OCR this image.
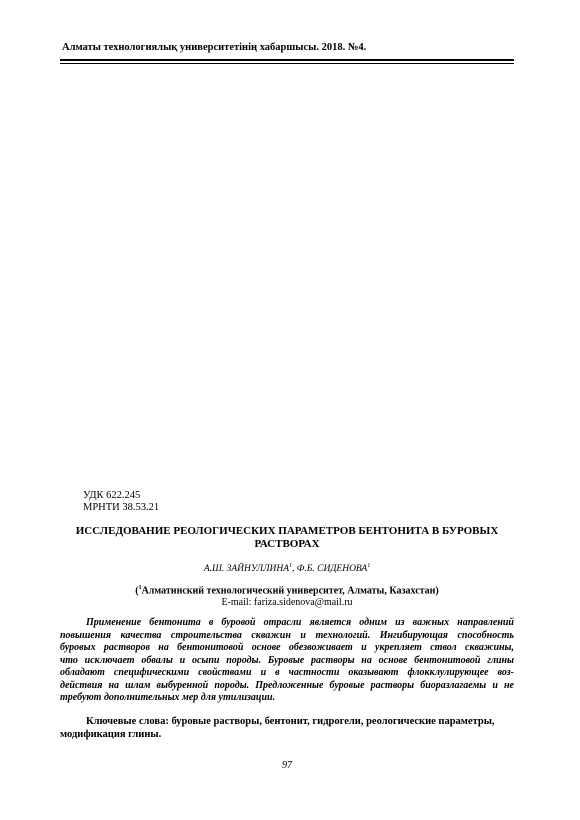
Алматы технологиялық университетінің хабаршысы. 2018. №4.
УДК 622.245
МРНТИ 38.53.21
ИССЛЕДОВАНИЕ РЕОЛОГИЧЕСКИХ ПАРАМЕТРОВ БЕНТОНИТА В БУРОВЫХ
РАСТВОРАХ
А.Ш. ЗАЙНУЛЛИНА$^1$, Ф.Б. СИДЕНОВА$^1$
($^1$Алматинский технологический университет, Алматы, Казахстан)
E-mail: fariza.sidenova@mail.ru
Применение бентонита в буровой отрасли является одним из важных направлений
повышения качества строительства скважин и технологий. Ингибирующая способность
буровых растворов на бентонитовой основе обезвоживает и укрепляет ствол скважины,
что исключает обвалы и осыпи породы. Буровые растворы на основе бентонитовой глины
обладают специфическими свойствами и в частности оказывают флокклулирующее воз-
действия на шлам выбуренной породы. Предложенные буровые растворы биоразлагаемы и не
требуют дополнительных мер для утилизации.
Ключевые слова: буровые растворы, бентонит, гидрогели, реологические параметры,
модификация глины.
97
